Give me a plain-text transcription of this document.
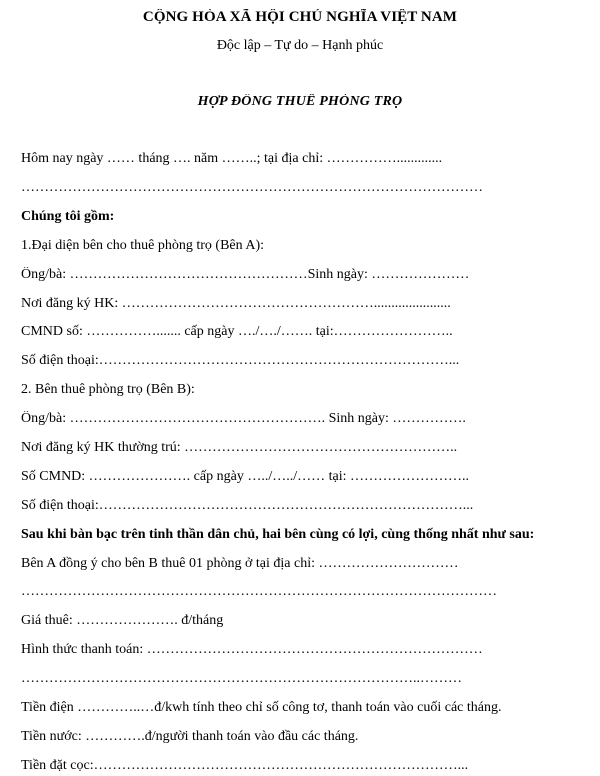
CỘNG HÒA XÃ HỘI CHỦ NGHĨA VIỆT NAM
Độc lập – Tự do – Hạnh phúc
HỢP ĐỒNG THUÊ PHÒNG TRỌ
Hôm nay ngày …… tháng …. năm ……..; tại địa chỉ: …………….............
………………………………………………………………………………………
Chúng tôi gồm:
1.Đại diện bên cho thuê phòng trọ (Bên A):
Ông/bà: ……………………………………………Sinh ngày: …………………
Nơi đăng ký HK: ………………………………………………......................
CMND số: ……………....... cấp ngày …./…./……. tại:……………………..
Số điện thoại:…………………………………………………………………...
2. Bên thuê phòng trọ (Bên B):
Ông/bà: ………………………………………………. Sinh ngày: …………….
Nơi đăng ký HK thường trú: …………………………………………………..
Số CMND: …………………. cấp ngày …../…../…… tại: ……………………..
Số điện thoại:……………………………………………………………………...
Sau khi bàn bạc trên tinh thần dân chủ, hai bên cùng có lợi, cùng thống nhất như sau:
Bên A đồng ý cho bên B thuê 01 phòng ở tại địa chỉ: …………………………
…………………………………………………………………………………………
Giá thuê: …………………. đ/tháng
Hình thức thanh toán: ………………………………………………………………
…………………………………………………………………………..………
Tiền điện …………..…đ/kwh tính theo chỉ số công tơ, thanh toán vào cuối các tháng.
Tiền nước: ………….đ/người thanh toán vào đầu các tháng.
Tiền đặt cọc:……………………………………………………………………...
